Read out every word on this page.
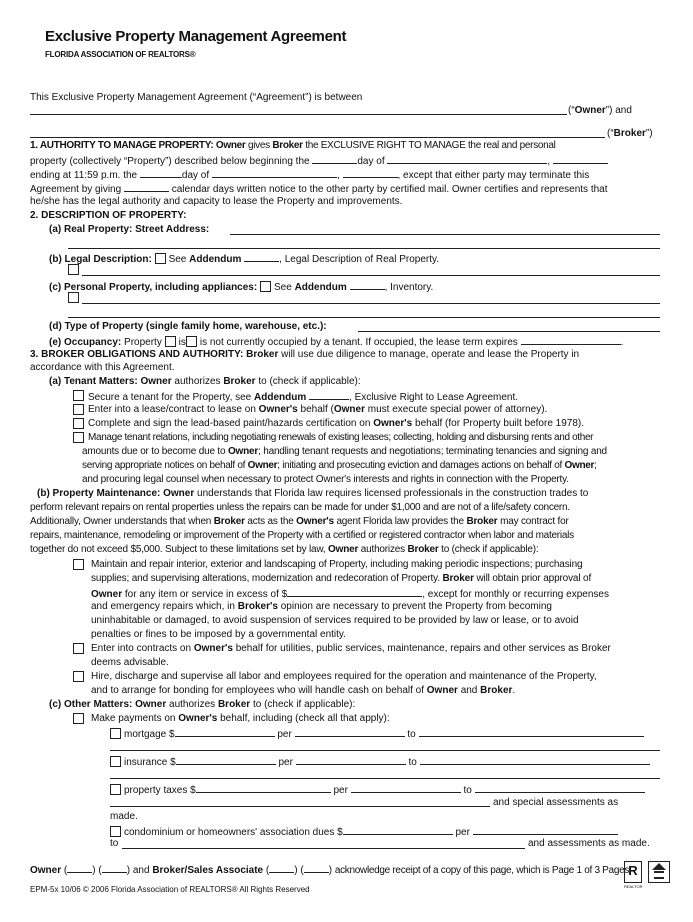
Exclusive Property Management Agreement
FLORIDA ASSOCIATION OF REALTORS®
This Exclusive Property Management Agreement (“Agreement”) is between
(“Owner”) and
(“Broker”)
1. AUTHORITY TO MANAGE PROPERTY: Owner gives Broker the EXCLUSIVE RIGHT TO MANAGE the real and personal
property (collectively “Property”) described below beginning the	day of	,
ending at 11:59 p.m. the	day of	,	, except that either party may terminate this
Agreement by giving	calendar days written notice to the other party by certified mail. Owner certifies and represents that
he/she has the legal authority and capacity to lease the Property and improvements.
2. DESCRIPTION OF PROPERTY:
(a) Real Property: Street Address:
(b) Legal Description: See Addendum	, Legal Description of Real Property.
(c) Personal Property, including appliances: See Addendum	, Inventory.
(d) Type of Property (single family home, warehouse, etc.):
(e) Occupancy: Property is is not currently occupied by a tenant. If occupied, the lease term expires	.
3. BROKER OBLIGATIONS AND AUTHORITY: Broker will use due diligence to manage, operate and lease the Property in
accordance with this Agreement.
(a) Tenant Matters: Owner authorizes Broker to (check if applicable):
Secure a tenant for the Property, see Addendum	, Exclusive Right to Lease Agreement.
Enter into a lease/contract to lease on Owner's behalf (Owner must execute special power of attorney).
Complete and sign the lead-based paint/hazards certification on Owner's behalf (for Property built before 1978).
Manage tenant relations, including negotiating renewals of existing leases; collecting, holding and disbursing rents and other
amounts due or to become due to Owner; handling tenant requests and negotiations; terminating tenancies and signing and
serving appropriate notices on behalf of Owner; initiating and prosecuting eviction and damages actions on behalf of Owner;
and procuring legal counsel when necessary to protect Owner's interests and rights in connection with the Property.
(b) Property Maintenance: Owner understands that Florida law requires licensed professionals in the construction trades to
perform relevant repairs on rental properties unless the repairs can be made for under $1,000 and are not of a life/safety concern.
Additionally, Owner understands that when Broker acts as the Owner's agent Florida law provides the Broker may contract for
repairs, maintenance, remodeling or improvement of the Property with a certified or registered contractor when labor and materials
together do not exceed $5,000. Subject to these limitations set by law, Owner authorizes Broker to (check if applicable):
Maintain and repair interior, exterior and landscaping of Property, including making periodic inspections; purchasing
supplies; and supervising alterations, modernization and redecoration of Property. Broker will obtain prior approval of
Owner for any item or service in excess of $	, except for monthly or recurring expenses
and emergency repairs which, in Broker's opinion are necessary to prevent the Property from becoming
uninhabitable or damaged, to avoid suspension of services required to be provided by law or lease, or to avoid
penalties or fines to be imposed by a governmental entity.
Enter into contracts on Owner's behalf for utilities, public services, maintenance, repairs and other services as Broker
deems advisable.
Hire, discharge and supervise all labor and employees required for the operation and maintenance of the Property,
and to arrange for bonding for employees who will handle cash on behalf of Owner and Broker.
(c) Other Matters: Owner authorizes Broker to (check if applicable):
Make payments on Owner's behalf, including (check all that apply):
mortgage $	per	to
insurance $	per	to
property taxes $	per	to
and special assessments as
made.
condominium or homeowners' association dues $	per
to	and assessments as made.
Owner (	) (	) and Broker/Sales Associate (	) (	) acknowledge receipt of a copy of this page, which is Page 1 of 3 Pages.
EPM-5x 10/06 © 2006 Florida Association of REALTORS® All Rights Reserved
R
REALTOR
